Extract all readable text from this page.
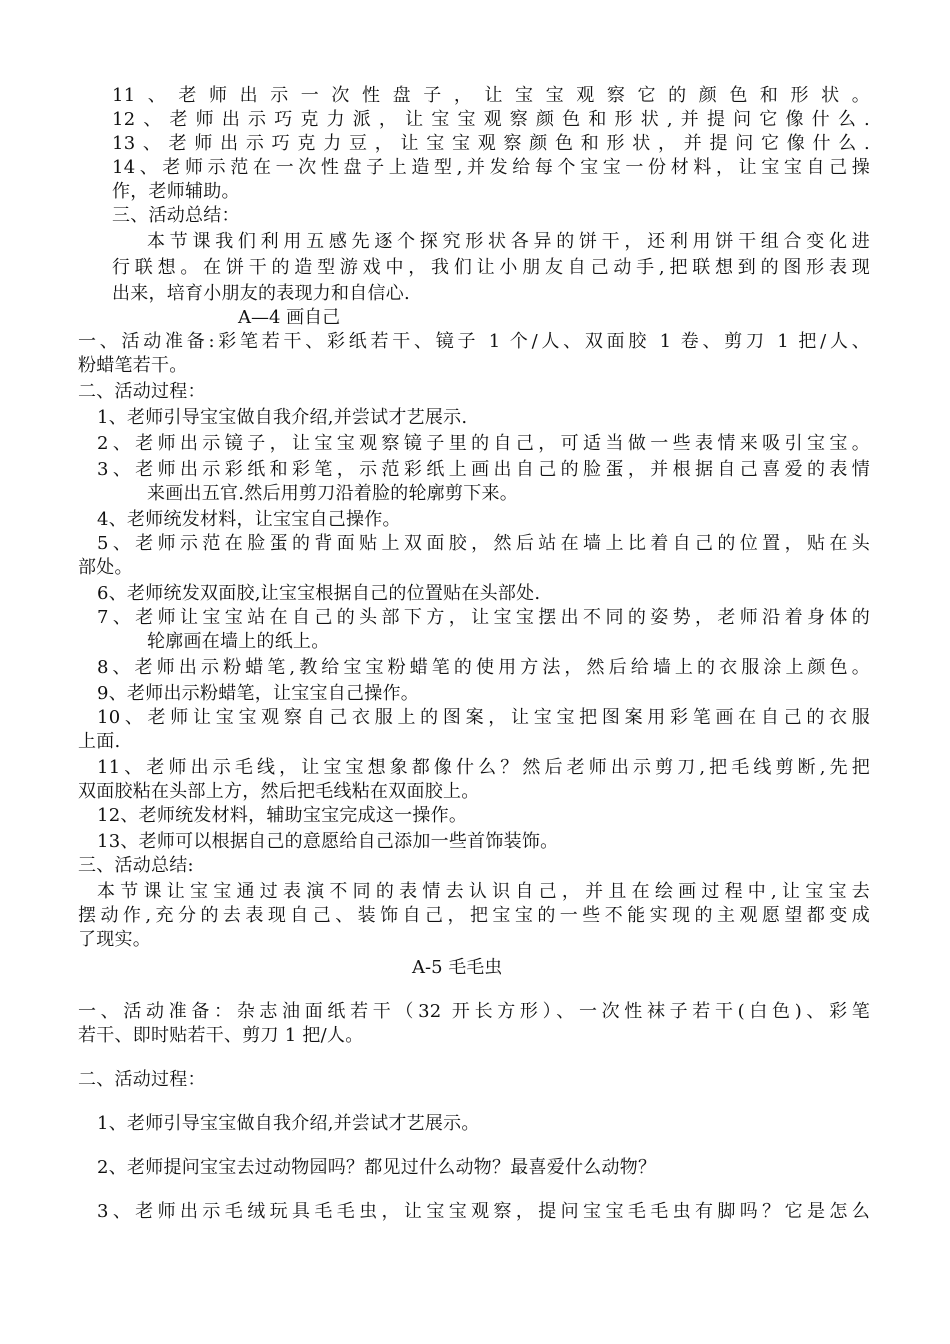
11、老师出示一次性盘子，让宝宝观察它的颜色和形状。
12、老师出示巧克力派，让宝宝观察颜色和形状,并提问它像什么.
13、老师出示巧克力豆，让宝宝观察颜色和形状，并提问它像什么.
14、老师示范在一次性盘子上造型,并发给每个宝宝一份材料，让宝宝自己操
作，老师辅助。
三、活动总结：
本节课我们利用五感先逐个探究形状各异的饼干，还利用饼干组合变化进
行联想。在饼干的造型游戏中，我们让小朋友自己动手,把联想到的图形表现
出来，培育小朋友的表现力和自信心.
A—4 画自己
一、活动准备:彩笔若干、彩纸若干、镜子 1 个/人、双面胶 1 卷、剪刀 1 把/人、
粉蜡笔若干。
二、活动过程：
1、老师引导宝宝做自我介绍,并尝试才艺展示.
2、老师出示镜子，让宝宝观察镜子里的自己，可适当做一些表情来吸引宝宝。
3、老师出示彩纸和彩笔，示范彩纸上画出自己的脸蛋，并根据自己喜爱的表情
来画出五官.然后用剪刀沿着脸的轮廓剪下来。
4、老师统发材料，让宝宝自己操作。
5、老师示范在脸蛋的背面贴上双面胶，然后站在墙上比着自己的位置，贴在头
部处。
6、老师统发双面胶,让宝宝根据自己的位置贴在头部处.
7、老师让宝宝站在自己的头部下方，让宝宝摆出不同的姿势，老师沿着身体的
轮廓画在墙上的纸上。
8、老师出示粉蜡笔,教给宝宝粉蜡笔的使用方法，然后给墙上的衣服涂上颜色。
9、老师出示粉蜡笔，让宝宝自己操作。
10、老师让宝宝观察自己衣服上的图案，让宝宝把图案用彩笔画在自己的衣服
上面.
11、老师出示毛线，让宝宝想象都像什么？然后老师出示剪刀,把毛线剪断,先把
双面胶粘在头部上方，然后把毛线粘在双面胶上。
12、老师统发材料，辅助宝宝完成这一操作。
13、老师可以根据自己的意愿给自己添加一些首饰装饰。
三、活动总结:
本节课让宝宝通过表演不同的表情去认识自己，并且在绘画过程中,让宝宝去
摆动作,充分的去表现自己、装饰自己，把宝宝的一些不能实现的主观愿望都变成
了现实。
A-5 毛毛虫
一、活动准备：杂志油面纸若干（32 开长方形）、一次性袜子若干(白色)、彩笔
若干、即时贴若干、剪刀 1 把/人。
二、活动过程：
1、老师引导宝宝做自我介绍,并尝试才艺展示。
2、老师提问宝宝去过动物园吗？都见过什么动物？最喜爱什么动物？
3、老师出示毛绒玩具毛毛虫，让宝宝观察，提问宝宝毛毛虫有脚吗？它是怎么
